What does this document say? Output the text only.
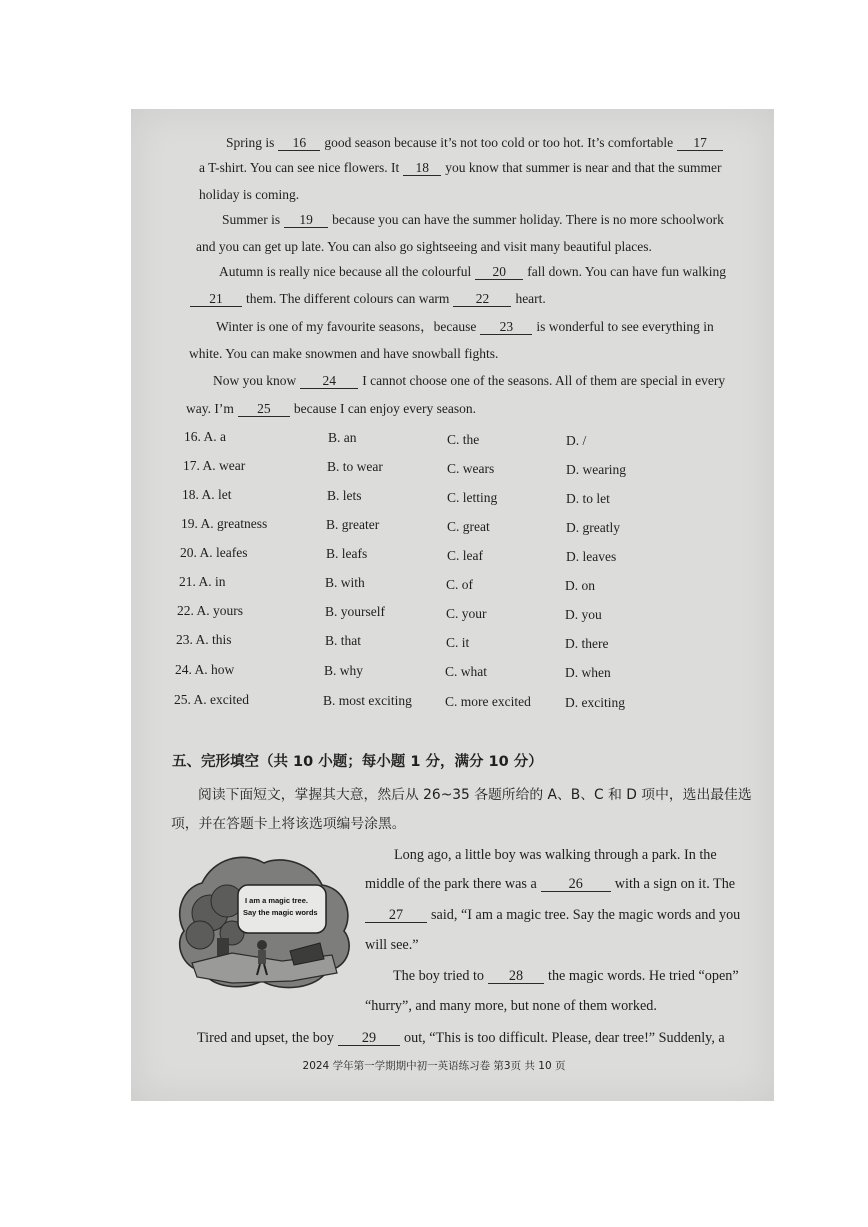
Spring is 16 good season because it’s not too cold or too hot. It’s comfortable 17
a T-shirt. You can see nice flowers. It 18 you know that summer is near and that the summer
holiday is coming.
Summer is 19 because you can have the summer holiday. There is no more schoolwork
and you can get up late. You can also go sightseeing and visit many beautiful places.
Autumn is really nice because all the colourful 20 fall down. You can have fun walking
21 them. The different colours can warm 22 heart.
Winter is one of my favourite seasons，because 23 is wonderful to see everything in
white. You can make snowmen and have snowball fights.
Now you know 24 I cannot choose one of the seasons. All of them are special in every
way. I’m 25 because I can enjoy every season.
16. A. a	B. an	C. the	D. /
17. A. wear	B. to wear	C. wears	D. wearing
18. A. let	B. lets	C. letting	D. to let
19. A. greatness	B. greater	C. great	D. greatly
20. A. leafes	B. leafs	C. leaf	D. leaves
21. A. in	B. with	C. of	D. on
22. A. yours	B. yourself	C. your	D. you
23. A. this	B. that	C. it	D. there
24. A. how	B. why	C. what	D. when
25. A. excited	B. most exciting C. more excited	D. exciting
五、完形填空（共 10 小题；每小题 1 分，满分 10 分）
阅读下面短文，掌握其大意，然后从 26~35 各题所给的 A、B、C 和 D 项中，选出最佳选
项，并在答题卡上将该选项编号涂黑。
I am a magic tree.
Say the magic words
Long ago, a little boy was walking through a park. In the
middle of the park there was a 26 with a sign on it. The
27 said, “I am a magic tree. Say the magic words and you
will see.”
The boy tried to 28 the magic words. He tried “open”
“hurry”, and many more, but none of them worked.
Tired and upset, the boy 29 out, “This is too difficult. Please, dear tree!” Suddenly, a
2024 学年第一学期期中初一英语练习卷 第3页 共 10 页
